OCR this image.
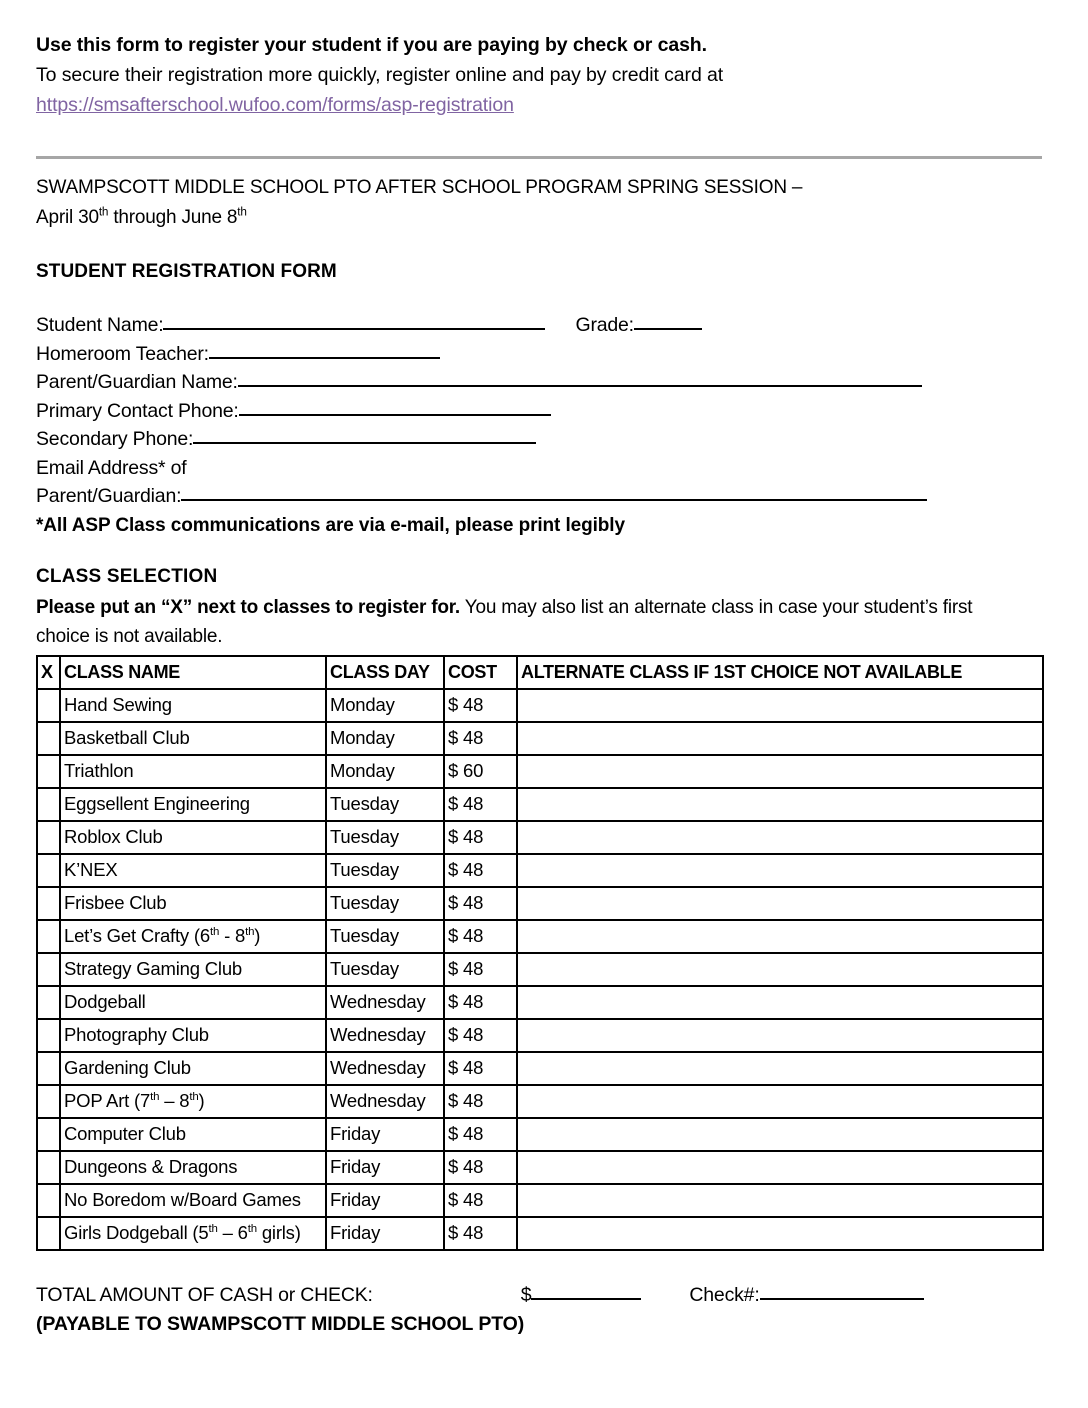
Use this form to register your student if you are paying by check or cash.
To secure their registration more quickly, register online and pay by credit card at
https://smsafterschool.wufoo.com/forms/asp-registration
SWAMPSCOTT MIDDLE SCHOOL PTO AFTER SCHOOL PROGRAM SPRING SESSION –
April 30th through June 8th
STUDENT REGISTRATION FORM
Student Name:	Grade:
Homeroom Teacher:
Parent/Guardian Name:
Primary Contact Phone:
Secondary Phone:
Email Address* of
Parent/Guardian:
*All ASP Class communications are via e-mail, please print legibly
CLASS SELECTION
Please put an “X” next to classes to register for. You may also list an alternate class in case your student’s first choice is not available.
X	CLASS NAME	CLASS DAY	COST	ALTERNATE CLASS IF 1ST CHOICE NOT AVAILABLE
	Hand Sewing	Monday	$ 48	
	Basketball Club	Monday	$ 48	
	Triathlon	Monday	$ 60	
	Eggsellent Engineering	Tuesday	$ 48	
	Roblox Club	Tuesday	$ 48	
	K’NEX	Tuesday	$ 48	
	Frisbee Club	Tuesday	$ 48	
	Let’s Get Crafty (6th - 8th)	Tuesday	$ 48	
	Strategy Gaming Club	Tuesday	$ 48	
	Dodgeball	Wednesday	$ 48	
	Photography Club	Wednesday	$ 48	
	Gardening Club	Wednesday	$ 48	
	POP Art (7th – 8th)	Wednesday	$ 48	
	Computer Club	Friday	$ 48	
	Dungeons & Dragons	Friday	$ 48	
	No Boredom w/Board Games	Friday	$ 48	
	Girls Dodgeball (5th – 6th girls)	Friday	$ 48	
TOTAL AMOUNT OF CASH or CHECK:	$	Check#:
(PAYABLE TO SWAMPSCOTT MIDDLE SCHOOL PTO)
